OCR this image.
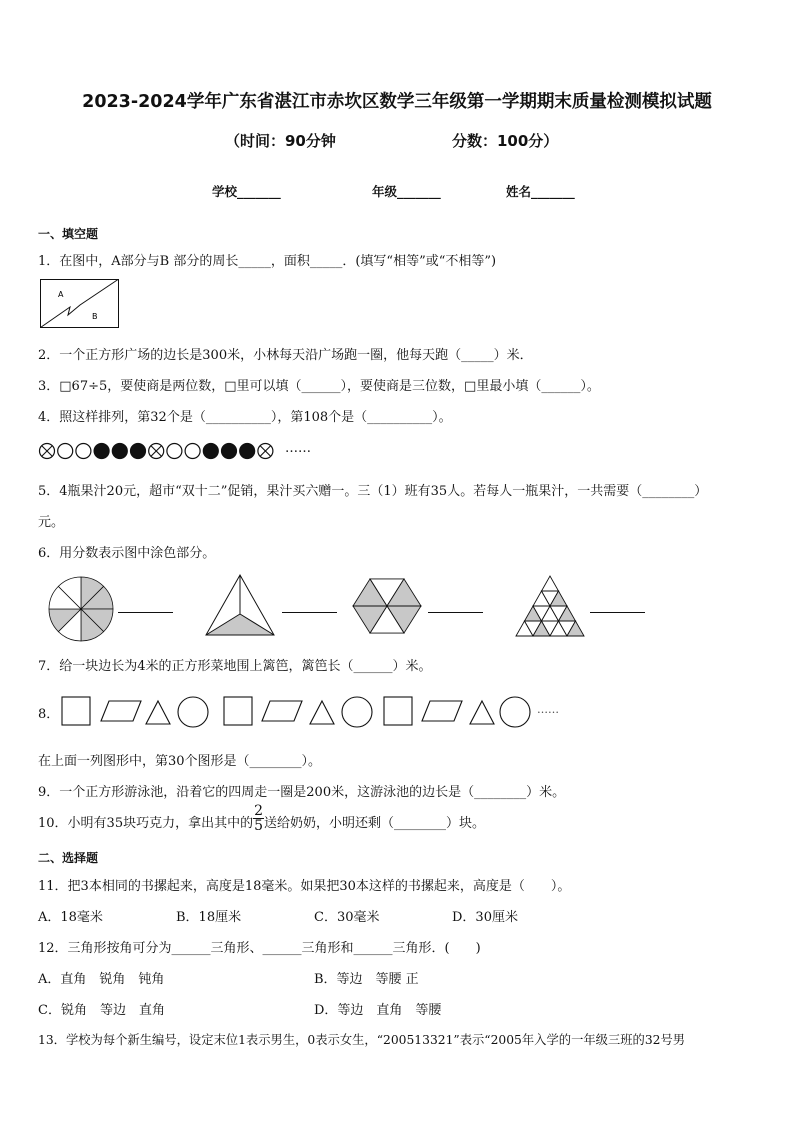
2023-2024学年广东省湛江市赤坎区数学三年级第一学期期末质量检测模拟试题
（时间：90分钟	分数：100分）
学校_______	年级_______	姓名_______
一、填空题
1．在图中，A部分与B 部分的周长_____，面积_____．(填写“相等”或“不相等”)
A
B
2．一个正方形广场的边长是300米，小林每天沿广场跑一圈，他每天跑（_____）米．
3．□67÷5，要使商是两位数，□里可以填（______），要使商是三位数，□里最小填（______）。
4．照这样排列，第32个是（__________），第108个是（__________）。
……
5．4瓶果汁20元，超市“双十二”促销，果汁买六赠一。三（1）班有35人。若每人一瓶果汁，一共需要（________）
元。
6．用分数表示图中涂色部分。
7．给一块边长为4米的正方形菜地围上篱笆，篱笆长（______）米。
8．	……
在上面一列图形中，第30个图形是（________）。
9．一个正方形游泳池，沿着它的四周走一圈是200米，这游泳池的边长是（________）米。
10．小明有35块巧克力，拿出其中的 $\frac{2}{5}$ 送给奶奶，小明还剩（________）块。
二、选择题
11．把3本相同的书摞起来，高度是18毫米。如果把30本这样的书摞起来，高度是（　　）。
A．18毫米	B．18厘米	C．30毫米	D．30厘米
12．三角形按角可分为______三角形、______三角形和______三角形．(　　)
A．直角　锐角　钝角	B．等边　等腰 正
C．锐角　等边　直角	D．等边　直角　等腰
13．学校为每个新生编号，设定末位1表示男生，0表示女生，“200513321”表示“2005年入学的一年级三班的32号男
